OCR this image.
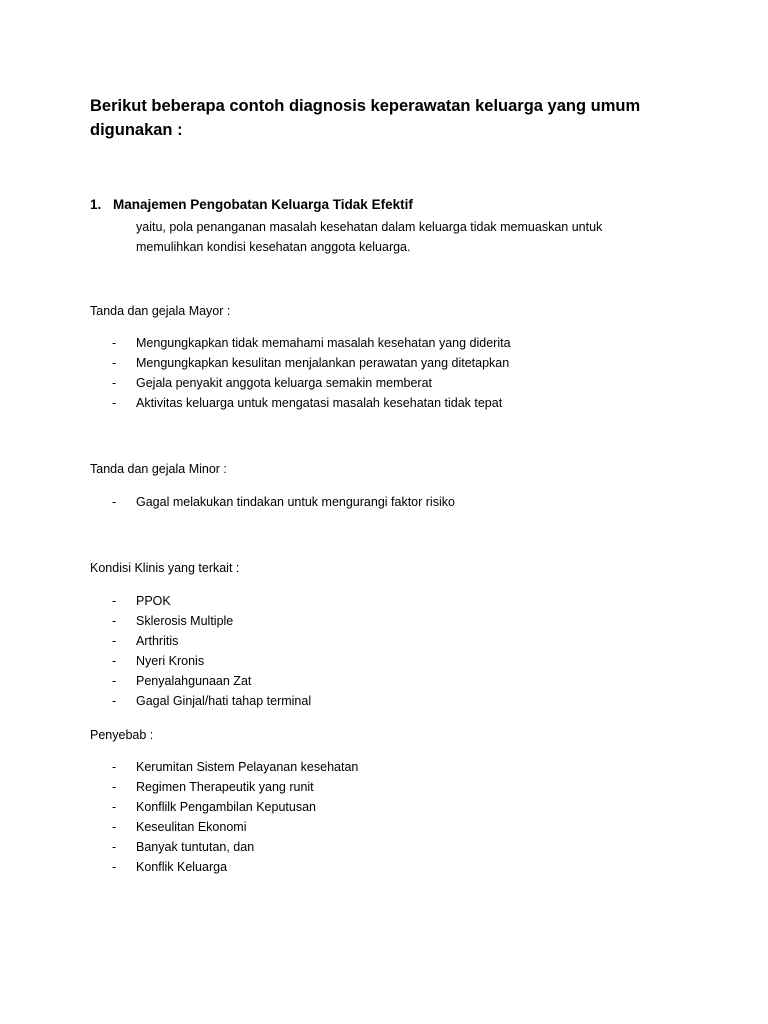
Berikut beberapa contoh diagnosis keperawatan keluarga yang umum digunakan :

1. Manajemen Pengobatan Keluarga Tidak Efektif

yaitu, pola penanganan masalah kesehatan dalam keluarga tidak memuaskan untuk memulihkan kondisi kesehatan anggota keluarga.

Tanda dan gejala Mayor :

- Mengungkapkan tidak memahami masalah kesehatan yang diderita
- Mengungkapkan kesulitan menjalankan perawatan yang ditetapkan
- Gejala penyakit anggota keluarga semakin memberat
- Aktivitas keluarga untuk mengatasi masalah kesehatan tidak tepat

Tanda dan gejala Minor :

- Gagal melakukan tindakan untuk mengurangi faktor risiko

Kondisi Klinis yang terkait :

- PPOK
- Sklerosis Multiple
- Arthritis
- Nyeri Kronis
- Penyalahgunaan Zat
- Gagal Ginjal/hati tahap terminal

Penyebab :

- Kerumitan Sistem Pelayanan kesehatan
- Regimen Therapeutik yang runit
- Konflilk Pengambilan Keputusan
- Keseulitan Ekonomi
- Banyak tuntutan, dan
- Konflik Keluarga
